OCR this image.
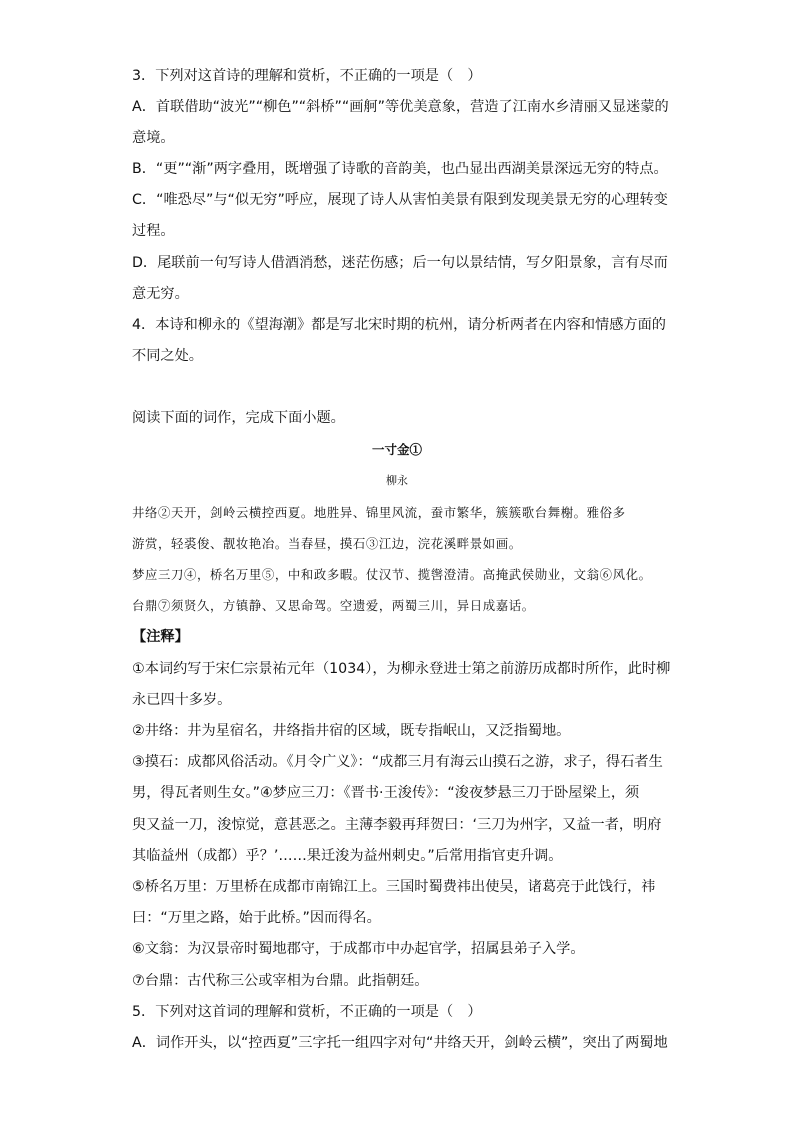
3．下列对这首诗的理解和赏析，不正确的一项是（　）
A．首联借助“波光”“柳色”“斜桥”“画舸”等优美意象，营造了江南水乡清丽又显迷蒙的
意境。
B．“更”“渐”两字叠用，既增强了诗歌的音韵美，也凸显出西湖美景深远无穷的特点。
C．“唯恐尽”与“似无穷”呼应，展现了诗人从害怕美景有限到发现美景无穷的心理转变
过程。
D．尾联前一句写诗人借酒消愁，迷茫伤感；后一句以景结情，写夕阳景象，言有尽而
意无穷。
4．本诗和柳永的《望海潮》都是写北宋时期的杭州，请分析两者在内容和情感方面的
不同之处。
阅读下面的词作，完成下面小题。
一寸金①
柳永
井络②天开，剑岭云横控西夏。地胜异、锦里风流，蚕市繁华，簇簇歌台舞榭。雅俗多
游赏，轻裘俊、靓妆艳冶。当春昼，摸石③江边，浣花溪畔景如画。
梦应三刀④，桥名万里⑤，中和政多暇。仗汉节、揽辔澄清。高掩武侯勋业，文翁⑥风化。
台鼎⑦须贤久，方镇静、又思命驾。空遗爱，两蜀三川，异日成嘉话。
【注释】
①本词约写于宋仁宗景祐元年（1034），为柳永登进士第之前游历成都时所作，此时柳
永已四十多岁。
②井络：井为星宿名，井络指井宿的区域，既专指岷山，又泛指蜀地。
③摸石：成都风俗活动。《月令广义》：“成都三月有海云山摸石之游，求子，得石者生
男，得瓦者则生女。”④梦应三刀：《晋书·王浚传》：“浚夜梦悬三刀于卧屋梁上，须
臾又益一刀，浚惊觉，意甚恶之。主薄李毅再拜贺曰：‘三刀为州字，又益一者，明府
其临益州（成都）乎？’……果迁浚为益州刺史。”后常用指官吏升调。
⑤桥名万里：万里桥在成都市南锦江上。三国时蜀费祎出使吴，诸葛亮于此饯行，祎
曰：“万里之路，始于此桥。”因而得名。
⑥文翁：为汉景帝时蜀地郡守，于成都市中办起官学，招属县弟子入学。
⑦台鼎：古代称三公或宰相为台鼎。此指朝廷。
5．下列对这首词的理解和赏析，不正确的一项是（　）
A．词作开头，以“控西夏”三字托一组四字对句“井络天开，剑岭云横”，突出了两蜀地
